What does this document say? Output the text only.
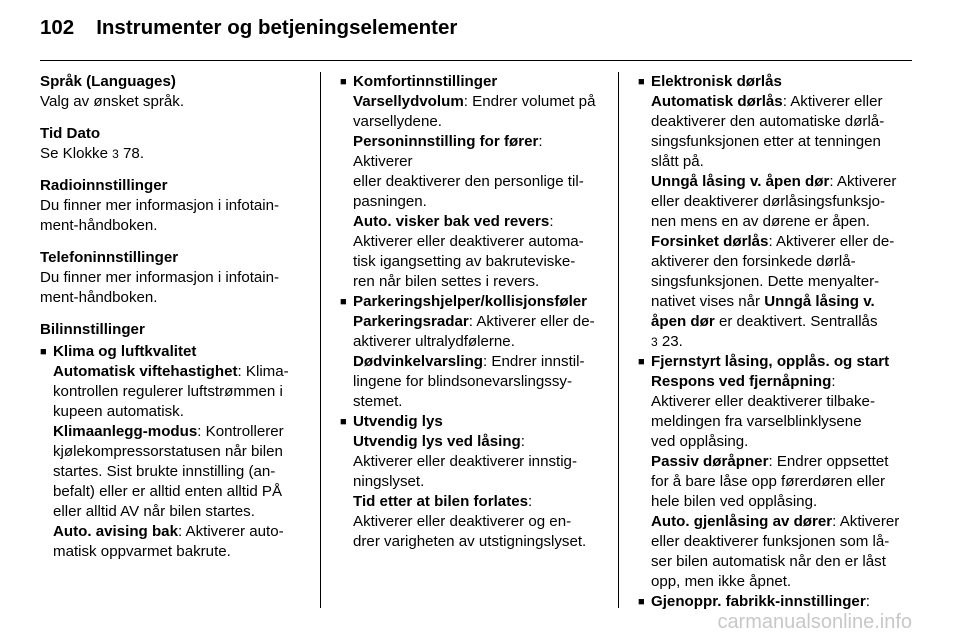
102 Instrumenter og betjeningselementer

Språk (Languages)

Valg av ønsket språk.

Tid Dato

Se Klokke 3 78.

Radioinnstillinger

Du finner mer informasjon i infotain-
ment-håndboken.

Telefoninnstillinger

Du finner mer informasjon i infotain-
ment-håndboken.

Bilinnstillinger

■ Klima og luftkvalitet

Automatisk viftehastighet: Klima-
kontrollen regulerer luftstrømmen i
kupeen automatisk.

Klimaanlegg-modus: Kontrollerer
kjølekompressorstatusen når bilen
startes. Sist brukte innstilling (an-
befalt) eller er alltid enten alltid PÅ
eller alltid AV når bilen startes.

Auto. avising bak: Aktiverer auto-
matisk oppvarmet bakrute.

■ Komfortinnstillinger

Varsellydvolum: Endrer volumet på
varsellydene.

Personinnstilling for fører: Aktiverer
eller deaktiverer den personlige til-
pasningen.

Auto. visker bak ved revers:

Aktiverer eller deaktiverer automa-
tisk igangsetting av bakruteviske-
ren når bilen settes i revers.

■ Parkeringshjelper/kollisjonsføler

Parkeringsradar: Aktiverer eller de-
aktiverer ultralydfølerne.

Dødvinkelvarsling: Endrer innstil-
lingene for blindsonevarslingssy-
stemet.

■ Utvendig lys

Utvendig lys ved låsing:

Aktiverer eller deaktiverer innstig-
ningslyset.

Tid etter at bilen forlates:

Aktiverer eller deaktiverer og en-
drer varigheten av utstigningslyset.

■ Elektronisk dørlås

Automatisk dørlås: Aktiverer eller
deaktiverer den automatiske dørlå-
singsfunksjonen etter at tenningen
slått på.

Unngå låsing v. åpen dør: Aktiverer
eller deaktiverer dørlåsingsfunksjo-
nen mens en av dørene er åpen.

Forsinket dørlås: Aktiverer eller de-
aktiverer den forsinkede dørlå-
singsfunksjonen. Dette menyalter-
nativet vises når Unngå låsing v.
åpen dør er deaktivert. Sentrallås
3 23.

■ Fjernstyrt låsing, opplås. og start

Respons ved fjernåpning:

Aktiverer eller deaktiverer tilbake-
meldingen fra varselblinklysene
ved opplåsing.

Passiv døråpner: Endrer oppsettet
for å bare låse opp førerdøren eller
hele bilen ved opplåsing.

Auto. gjenlåsing av dører: Aktiverer
eller deaktiverer funksjonen som lå-
ser bilen automatisk når den er låst
opp, men ikke åpnet.

■ Gjenoppr. fabrikk-innstillinger:

carmanualsonline.info
